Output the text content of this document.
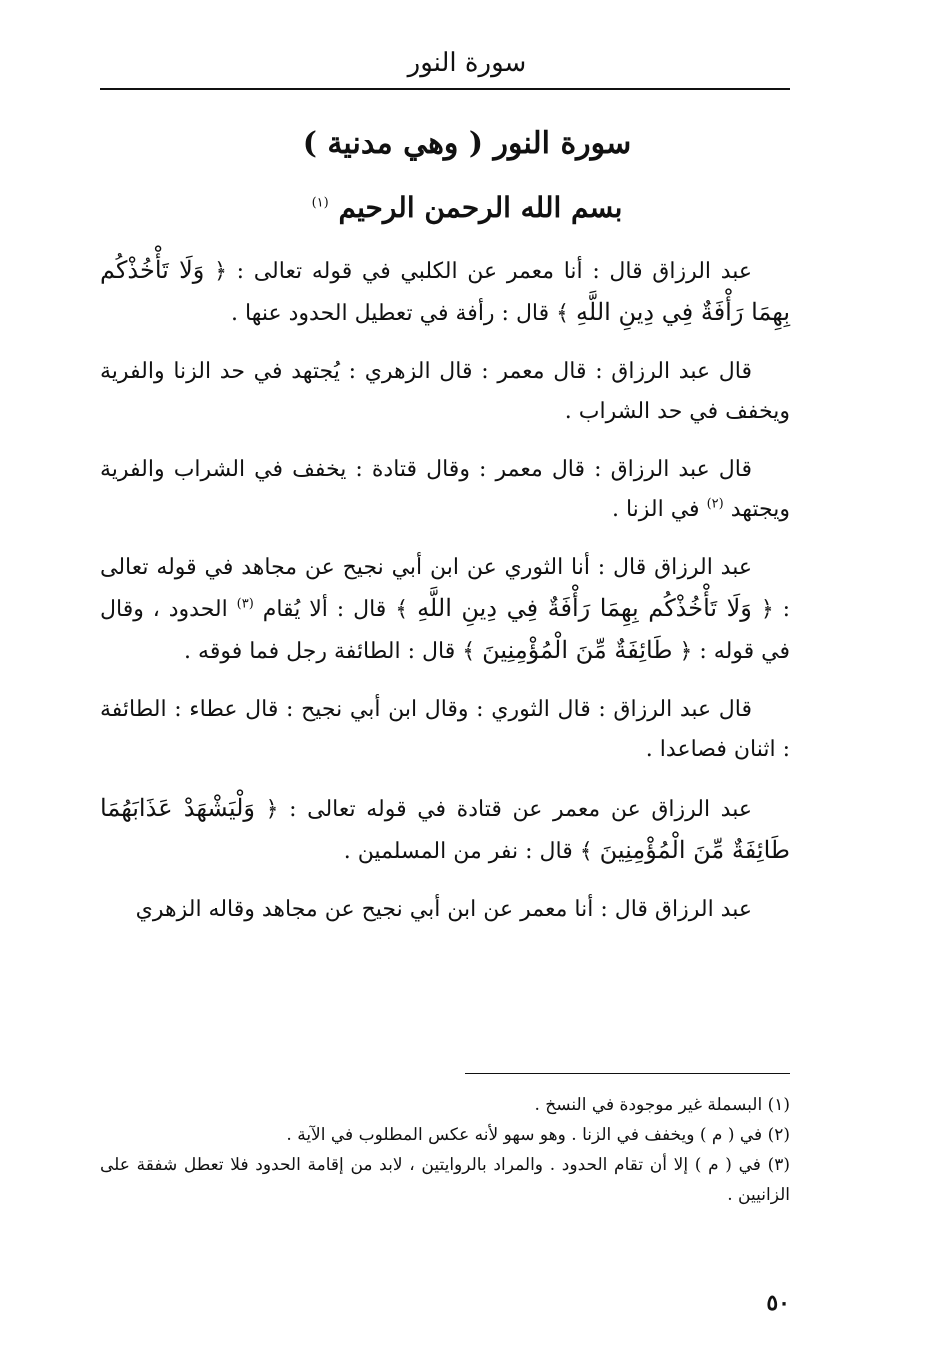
سورة النور
سورة النور ( وهي مدنية )
بسم الله الرحمن الرحيم $^{(١)}$

عبد الرزاق قال : أنا معمر عن الكلبي في قوله تعالى : ﴿ وَلَا تَأْخُذْكُم بِهِمَا رَأْفَةٌ فِي دِينِ اللَّهِ ﴾ قال : رأفة في تعطيل الحدود عنها .

قال عبد الرزاق : قال معمر : قال الزهري : يُجتهد في حد الزنا والفرية ويخفف في حد الشراب .

قال عبد الرزاق : قال معمر : وقال قتادة : يخفف في الشراب والفرية ويجتهد $^{(٢)}$ في الزنا .

عبد الرزاق قال : أنا الثوري عن ابن أبي نجيح عن مجاهد في قوله تعالى : ﴿ وَلَا تَأْخُذْكُم بِهِمَا رَأْفَةٌ فِي دِينِ اللَّهِ ﴾ قال : ألا يُقام $^{(٣)}$ الحدود ، وقال في قوله : ﴿ طَائِفَةٌ مِّنَ الْمُؤْمِنِينَ ﴾ قال : الطائفة رجل فما فوقه .

قال عبد الرزاق : قال الثوري : وقال ابن أبي نجيح : قال عطاء : الطائفة : اثنان فصاعدا .

عبد الرزاق عن معمر عن قتادة في قوله تعالى : ﴿ وَلْيَشْهَدْ عَذَابَهُمَا طَائِفَةٌ مِّنَ الْمُؤْمِنِينَ ﴾ قال : نفر من المسلمين .

عبد الرزاق قال : أنا معمر عن ابن أبي نجيح عن مجاهد وقاله الزهري

(١) البسملة غير موجودة في النسخ .

(٢) في ( م ) ويخفف في الزنا . وهو سهو لأنه عكس المطلوب في الآية .

(٣) في ( م ) إلا أن تقام الحدود . والمراد بالروايتين ، لابد من إقامة الحدود فلا تعطل شفقة على الزانيين .

٥٠
